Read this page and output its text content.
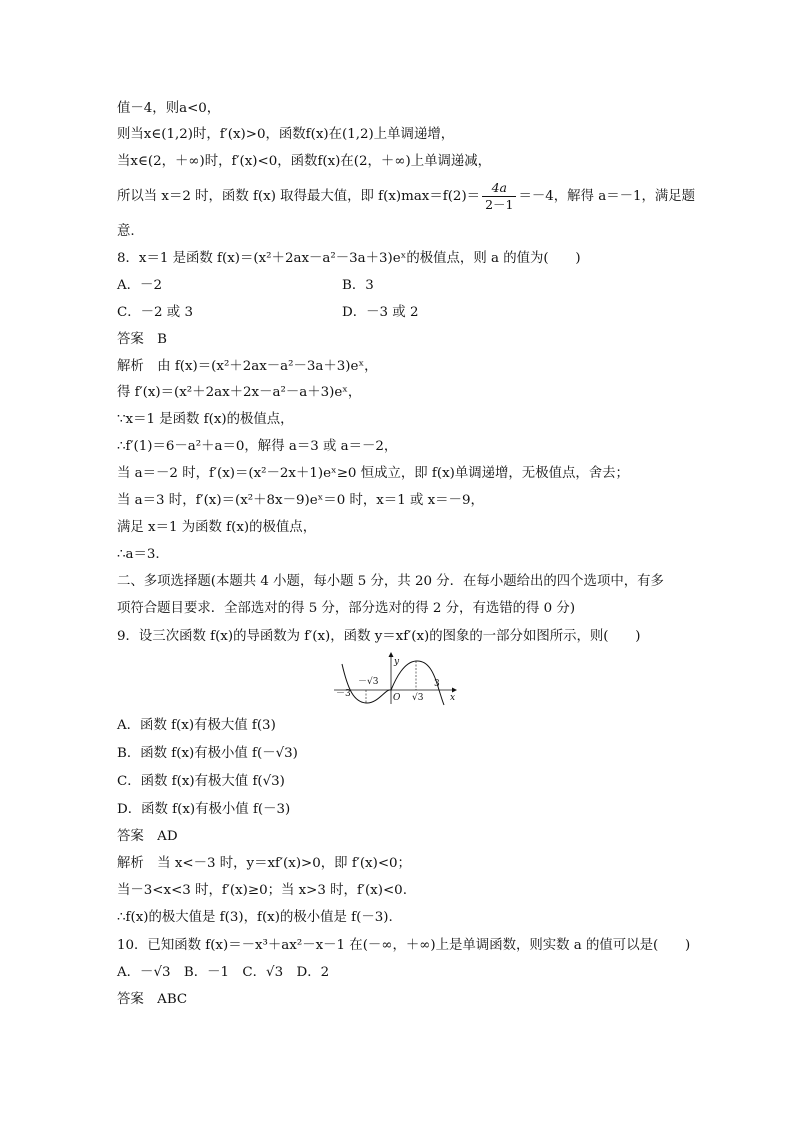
值－4，则a<0，
则当x∈(1,2)时，f′(x)>0，函数f(x)在(1,2)上单调递增，
当x∈(2，＋∞)时，f′(x)<0，函数f(x)在(2，＋∞)上单调递减，
所以当 x＝2 时，函数 f(x) 取得最大值，即 $f(x)\max=f(2)= \frac{4a}{2-1} =-4$，解得 a＝－1，满足题
意.
8．x＝1 是函数 f(x)＝(x²＋2ax－a²－3a＋3)eˣ的极值点，则 a 的值为(　　)
A．－2	B．3
C．－2 或 3	D．－3 或 2
答案　B
解析　由 f(x)＝(x²＋2ax－a²－3a＋3)eˣ，
得 f′(x)＝(x²＋2ax＋2x－a²－a＋3)eˣ，
∵x＝1 是函数 f(x)的极值点，
∴f′(1)＝6－a²＋a＝0，解得 a＝3 或 a＝－2，
当 a＝－2 时，f′(x)＝(x²－2x＋1)eˣ≥0 恒成立，即 f(x)单调递增，无极值点，舍去；
当 a＝3 时，f′(x)＝(x²＋8x－9)eˣ＝0 时，x＝1 或 x＝－9，
满足 x＝1 为函数 f(x)的极值点，
∴a＝3.
二、多项选择题(本题共 4 小题，每小题 5 分，共 20 分．在每小题给出的四个选项中，有多
项符合题目要求．全部选对的得 5 分，部分选对的得 2 分，有选错的得 0 分)
9．设三次函数 f(x)的导函数为 f′(x)，函数 y＝xf′(x)的图象的一部分如图所示，则(　　)
y
x
O
－3
－√3
√3
3
A．函数 f(x)有极大值 f(3)
B．函数 f(x)有极小值 f(－√3)
C．函数 f(x)有极大值 f(√3)
D．函数 f(x)有极小值 f(－3)
答案　AD
解析　当 x<－3 时，y＝xf′(x)>0，即 f′(x)<0；
当－3<x<3 时，f′(x)≥0；当 x>3 时，f′(x)<0.
∴f(x)的极大值是 f(3)，f(x)的极小值是 f(－3).
10．已知函数 f(x)＝－x³＋ax²－x－1 在(－∞，＋∞)上是单调函数，则实数 a 的值可以是(　　)
A．－√3　B．－1　C．√3　D．2
答案　ABC
